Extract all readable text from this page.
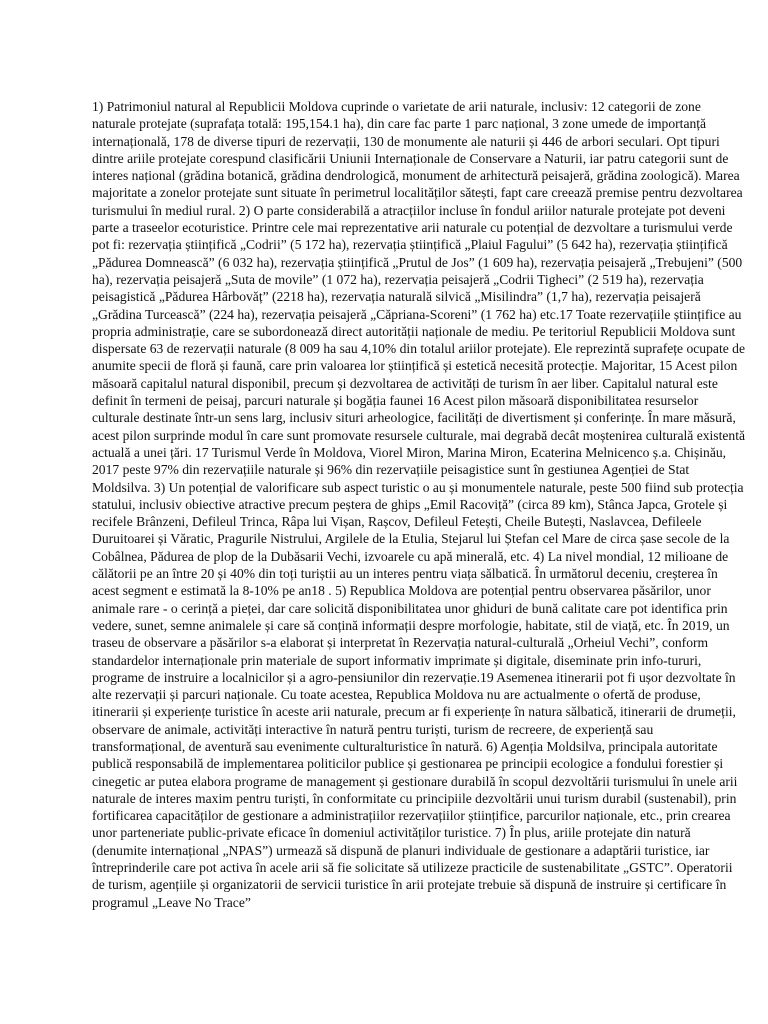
1) Patrimoniul natural al Republicii Moldova cuprinde o varietate de arii naturale, inclusiv: 12 categorii de zone naturale protejate (suprafața totală: 195,154.1 ha), din care fac parte 1 parc național, 3 zone umede de importanță internațională, 178 de diverse tipuri de rezervații, 130 de monumente ale naturii și 446 de arbori seculari. Opt tipuri dintre ariile protejate corespund clasificării Uniunii Internaționale de Conservare a Naturii, iar patru categorii sunt de interes național (grădina botanică, grădina dendrologică, monument de arhitectură peisajeră, grădina zoologică). Marea majoritate a zonelor protejate sunt situate în perimetrul localităților sătești, fapt care creează premise pentru dezvoltarea turismului în mediul rural. 2) O parte considerabilă a atracțiilor incluse în fondul ariilor naturale protejate pot deveni parte a traseelor ecoturistice. Printre cele mai reprezentative arii naturale cu potențial de dezvoltare a turismului verde pot fi: rezervația științifică „Codrii” (5 172 ha), rezervația științifică „Plaiul Fagului” (5 642 ha), rezervația științifică „Pădurea Domnească” (6 032 ha), rezervația științifică „Prutul de Jos” (1 609 ha), rezervația peisajeră „Trebujeni” (500 ha), rezervația peisajeră „Suta de movile” (1 072 ha), rezervația peisajeră „Codrii Tigheci” (2 519 ha), rezervația peisagistică „Pădurea Hârbovăț” (2218 ha), rezervația naturală silvică „Misilindra” (1,7 ha), rezervația peisajeră „Grădina Turcească” (224 ha), rezervația peisajeră „Căpriana-Scoreni” (1 762 ha) etc.17 Toate rezervațiile științifice au propria administrație, care se subordonează direct autorității naționale de mediu. Pe teritoriul Republicii Moldova sunt dispersate 63 de rezervații naturale (8 009 ha sau 4,10% din totalul ariilor protejate). Ele reprezintă suprafețe ocupate de anumite specii de floră și faună, care prin valoarea lor științifică și estetică necesită protecție. Majoritar, 15 Acest pilon măsoară capitalul natural disponibil, precum și dezvoltarea de activități de turism în aer liber. Capitalul natural este definit în termeni de peisaj, parcuri naturale și bogăția faunei 16 Acest pilon măsoară disponibilitatea resurselor culturale destinate într-un sens larg, inclusiv situri arheologice, facilități de divertisment și conferințe. În mare măsură, acest pilon surprinde modul în care sunt promovate resursele culturale, mai degrabă decât moștenirea culturală existentă actuală a unei țări. 17 Turismul Verde în Moldova, Viorel Miron, Marina Miron, Ecaterina Melnicenco ș.a. Chișinău, 2017 peste 97% din rezervațiile naturale și 96% din rezervațiile peisagistice sunt în gestiunea Agenției de Stat Moldsilva. 3) Un potențial de valorificare sub aspect turistic o au și monumentele naturale, peste 500 fiind sub protecția statului, inclusiv obiective atractive precum peștera de ghips „Emil Racoviță” (circa 89 km), Stânca Japca, Grotele și recifele Brânzeni, Defileul Trinca, Râpa lui Vișan, Rașcov, Defileul Fetești, Cheile Butești, Naslavcea, Defileele Duruitoarei și Văratic, Pragurile Nistrului, Argilele de la Etulia, Stejarul lui Ștefan cel Mare de circa șase secole de la Cobâlnea, Pădurea de plop de la Dubăsarii Vechi, izvoarele cu apă minerală, etc. 4) La nivel mondial, 12 milioane de călătorii pe an între 20 și 40% din toți turiștii au un interes pentru viața sălbatică. În următorul deceniu, creșterea în acest segment e estimată la 8-10% pe an18 . 5) Republica Moldova are potențial pentru observarea păsărilor, unor animale rare - o cerință a pieței, dar care solicită disponibilitatea unor ghiduri de bună calitate care pot identifica prin vedere, sunet, semne animalele și care să conțină informații despre morfologie, habitate, stil de viață, etc. În 2019, un traseu de observare a păsărilor s-a elaborat și interpretat în Rezervația natural-culturală „Orheiul Vechi”, conform standardelor internaționale prin materiale de suport informativ imprimate și digitale, diseminate prin info-tururi, programe de instruire a localnicilor și a agro-pensiunilor din rezervație.19 Asemenea itinerarii pot fi ușor dezvoltate în alte rezervații și parcuri naționale. Cu toate acestea, Republica Moldova nu are actualmente o ofertă de produse, itinerarii și experiențe turistice în aceste arii naturale, precum ar fi experiențe în natura sălbatică, itinerarii de drumeții, observare de animale, activități interactive în natură pentru turiști, turism de recreere, de experiență sau transformațional, de aventură sau evenimente culturalturistice în natură. 6) Agenția Moldsilva, principala autoritate publică responsabilă de implementarea politicilor publice și gestionarea pe principii ecologice a fondului forestier și cinegetic ar putea elabora programe de management și gestionare durabilă în scopul dezvoltării turismului în unele arii naturale de interes maxim pentru turiști, în conformitate cu principiile dezvoltării unui turism durabil (sustenabil), prin fortificarea capacităților de gestionare a administrațiilor rezervațiilor științifice, parcurilor naționale, etc., prin crearea unor parteneriate public-private eficace în domeniul activităților turistice. 7) În plus, ariile protejate din natură (denumite internațional „NPAS”) urmează să dispună de planuri individuale de gestionare a adaptării turistice, iar întreprinderile care pot activa în acele arii să fie solicitate să utilizeze practicile de sustenabilitate „GSTC”. Operatorii de turism, agențiile și organizatorii de servicii turistice în arii protejate trebuie să dispună de instruire și certificare în programul „Leave No Trace”
